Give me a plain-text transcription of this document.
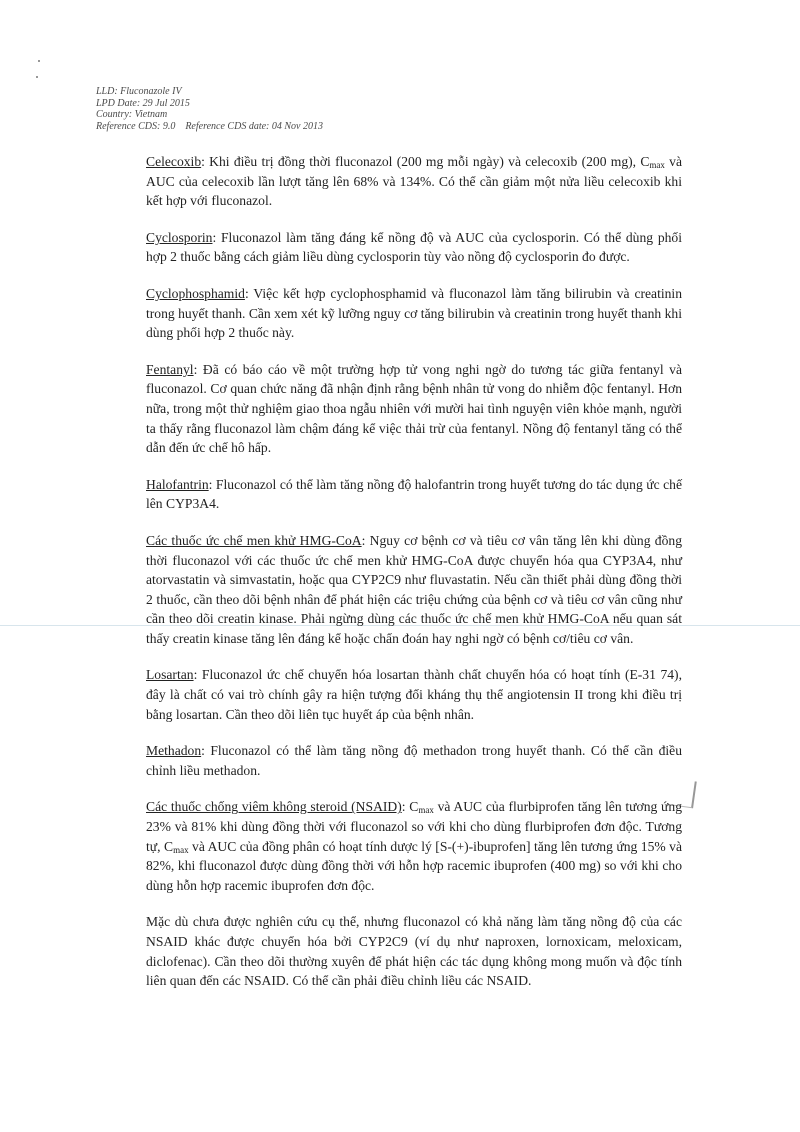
LLD: Fluconazole IV
LPD Date: 29 Jul 2015
Country: Vietnam
Reference CDS: 9.0    Reference CDS date: 04 Nov 2013

Celecoxib: Khi điều trị đồng thời fluconazol (200 mg mỗi ngày) và celecoxib (200 mg), $C_{max}$ và AUC của celecoxib lần lượt tăng lên 68% và 134%. Có thể cần giảm một nửa liều celecoxib khi kết hợp với fluconazol.

Cyclosporin: Fluconazol làm tăng đáng kể nồng độ và AUC của cyclosporin. Có thể dùng phối hợp 2 thuốc bằng cách giảm liều dùng cyclosporin tùy vào nồng độ cyclosporin đo được.

Cyclophosphamid: Việc kết hợp cyclophosphamid và fluconazol làm tăng bilirubin và creatinin trong huyết thanh. Cần xem xét kỹ lưỡng nguy cơ tăng bilirubin và creatinin trong huyết thanh khi dùng phối hợp 2 thuốc này.

Fentanyl: Đã có báo cáo về một trường hợp tử vong nghi ngờ do tương tác giữa fentanyl và fluconazol. Cơ quan chức năng đã nhận định rằng bệnh nhân tử vong do nhiễm độc fentanyl. Hơn nữa, trong một thử nghiệm giao thoa ngẫu nhiên với mười hai tình nguyện viên khỏe mạnh, người ta thấy rằng fluconazol làm chậm đáng kể việc thải trừ của fentanyl. Nồng độ fentanyl tăng có thể dẫn đến ức chế hô hấp.

Halofantrin: Fluconazol có thể làm tăng nồng độ halofantrin trong huyết tương do tác dụng ức chế lên CYP3A4.

Các thuốc ức chế men khử HMG-CoA: Nguy cơ bệnh cơ và tiêu cơ vân tăng lên khi dùng đồng thời fluconazol với các thuốc ức chế men khử HMG-CoA được chuyển hóa qua CYP3A4, như atorvastatin và simvastatin, hoặc qua CYP2C9 như fluvastatin. Nếu cần thiết phải dùng đồng thời 2 thuốc, cần theo dõi bệnh nhân để phát hiện các triệu chứng của bệnh cơ và tiêu cơ vân cũng như cần theo dõi creatin kinase. Phải ngừng dùng các thuốc ức chế men khử HMG-CoA nếu quan sát thấy creatin kinase tăng lên đáng kể hoặc chẩn đoán hay nghi ngờ có bệnh cơ/tiêu cơ vân.

Losartan: Fluconazol ức chế chuyển hóa losartan thành chất chuyển hóa có hoạt tính (E-31 74), đây là chất có vai trò chính gây ra hiện tượng đối kháng thụ thể angiotensin II trong khi điều trị bằng losartan. Cần theo dõi liên tục huyết áp của bệnh nhân.

Methadon: Fluconazol có thể làm tăng nồng độ methadon trong huyết thanh. Có thể cần điều chỉnh liều methadon.

Các thuốc chống viêm không steroid (NSAID): $C_{max}$ và AUC của flurbiprofen tăng lên tương ứng 23% và 81% khi dùng đồng thời với fluconazol so với khi cho dùng flurbiprofen đơn độc. Tương tự, $C_{max}$ và AUC của đồng phân có hoạt tính dược lý [S-(+)-ibuprofen] tăng lên tương ứng 15% và 82%, khi fluconazol được dùng đồng thời với hỗn hợp racemic ibuprofen (400 mg) so với khi cho dùng hỗn hợp racemic ibuprofen đơn độc.

Mặc dù chưa được nghiên cứu cụ thể, nhưng fluconazol có khả năng làm tăng nồng độ của các NSAID khác được chuyển hóa bởi CYP2C9 (ví dụ như naproxen, lornoxicam, meloxicam, diclofenac). Cần theo dõi thường xuyên để phát hiện các tác dụng không mong muốn và độc tính liên quan đến các NSAID. Có thể cần phải điều chỉnh liều các NSAID.
